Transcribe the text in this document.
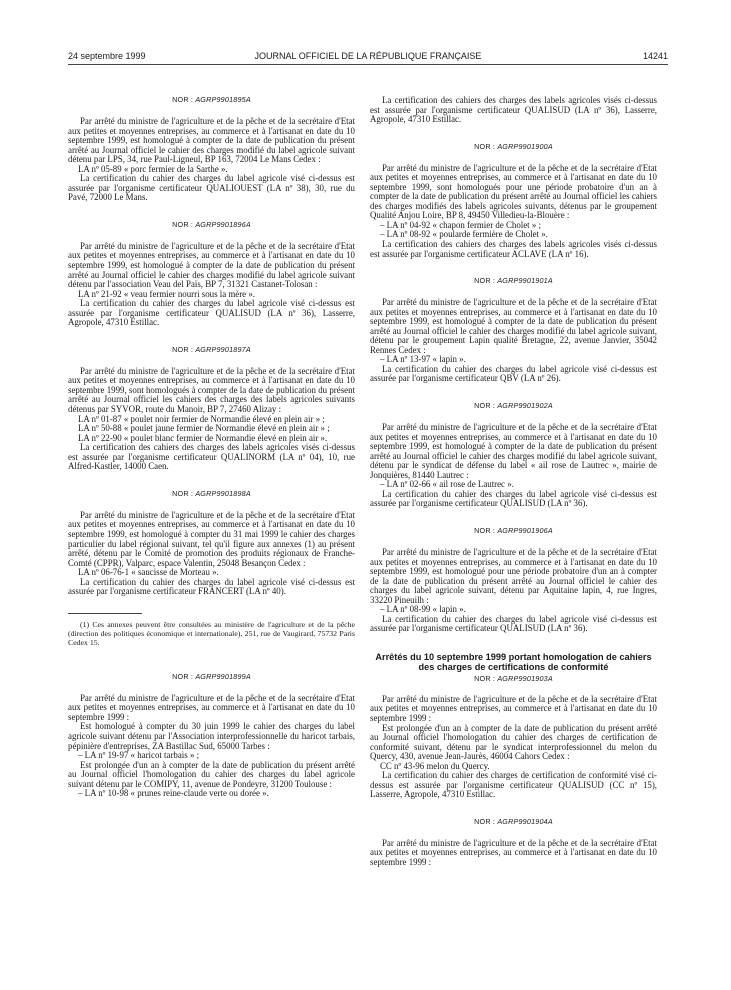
24 septembre 1999	JOURNAL OFFICIEL DE LA RÉPUBLIQUE FRANÇAISE	14241
NOR : AGRP9901895A

Par arrêté du ministre de l'agriculture et de la pêche et de la secrétaire d'Etat aux petites et moyennes entreprises, au commerce et à l'artisanat en date du 10 septembre 1999, est homologué à compter de la date de publication du présent arrêté au Journal officiel le cahier des charges modifié du label agricole suivant détenu par LPS, 34, rue Paul-Ligneul, BP 163, 72004 Le Mans Cedex :

LA nº 05-89 « porc fermier de la Sarthe ».

La certification du cahier des charges du label agricole visé ci-dessus est assurée par l'organisme certificateur QUALIOUEST (LA nº 38), 30, rue du Pavé, 72000 Le Mans.

NOR : AGRP9901896A

Par arrêté du ministre de l'agriculture et de la pêche et de la secrétaire d'Etat aux petites et moyennes entreprises, au commerce et à l'artisanat en date du 10 septembre 1999, est homologué à compter de la date de publication du présent arrêté au Journal officiel le cahier des charges modifié du label agricole suivant détenu par l'association Veau del Païs, BP 7, 31321 Castanet-Tolosan :

LA nº 21-92 « veau fermier nourri sous la mère ».

La certification du cahier des charges du label agricole visé ci-dessus est assurée par l'organisme certificateur QUALISUD (LA nº 36), Lasserre, Agropole, 47310 Estillac.

NOR : AGRP9901897A

Par arrêté du ministre de l'agriculture et de la pêche et de la secrétaire d'Etat aux petites et moyennes entreprises, au commerce et à l'artisanat en date du 10 septembre 1999, sont homologués à compter de la date de publication du présent arrêté au Journal officiel les cahiers des charges des labels agricoles suivants détenus par SYVOR, route du Manoir, BP 7, 27460 Alizay :

LA nº 01-87 « poulet noir fermier de Normandie élevé en plein air » ;

LA nº 50-88 « poulet jaune fermier de Normandie élevé en plein air » ;

LA nº 22-90 « poulet blanc fermier de Normandie élevé en plein air ».

La certification des cahiers des charges des labels agricoles visés ci-dessus est assurée par l'organisme certificateur QUALINORM (LA nº 04), 10, rue Alfred-Kastler, 14000 Caen.

NOR : AGRP9901898A

Par arrêté du ministre de l'agriculture et de la pêche et de la secrétaire d'Etat aux petites et moyennes entreprises, au commerce et à l'artisanat en date du 10 septembre 1999, est homologué à compter du 31 mai 1999 le cahier des charges particulier du label régional suivant, tel qu'il figure aux annexes (1) au présent arrêté, détenu par le Comité de promotion des produits régionaux de Franche-Comté (CPPR), Valparc, espace Valentin, 25048 Besançon Cedex :

LA nº 06-76-1 « saucisse de Morteau ».

La certification du cahier des charges du label agricole visé ci-dessus est assurée par l'organisme certificateur FRANCERT (LA nº 40).

(1) Ces annexes peuvent être consultées au ministère de l'agriculture et de la pêche (direction des politiques économique et internationale), 251, rue de Vaugirard, 75732 Paris Cedex 15.

NOR : AGRP9901899A

Par arrêté du ministre de l'agriculture et de la pêche et de la secrétaire d'Etat aux petites et moyennes entreprises, au commerce et à l'artisanat en date du 10 septembre 1999 :

Est homologué à compter du 30 juin 1999 le cahier des charges du label agricole suivant détenu par l'Association interprofessionnelle du haricot tarbais, pépinière d'entreprises, ZA Bastillac Sud, 65000 Tarbes :

– LA nº 19-97 « haricot tarbais » ;

Est prolongée d'un an à compter de la date de publication du présent arrêté au Journal officiel l'homologation du cahier des charges du label agricole suivant détenu par le COMIPY, 11, avenue de Pondeyre, 31200 Toulouse :

– LA nº 10-98 « prunes reine-claude verte ou dorée ».

La certification des cahiers des charges des labels agricoles visés ci-dessus est assurée par l'organisme certificateur QUALISUD (LA nº 36), Lasserre, Agropole, 47310 Estillac.

NOR : AGRP9901900A

Par arrêté du ministre de l'agriculture et de la pêche et de la secrétaire d'Etat aux petites et moyennes entreprises, au commerce et à l'artisanat en date du 10 septembre 1999, sont homologués pour une période probatoire d'un an à compter de la date de publication du présent arrêté au Journal officiel les cahiers des charges modifiés des labels agricoles suivants, détenus par le groupement Qualité Anjou Loire, BP 8, 49450 Villedieu-la-Blouère :

– LA nº 04-92 « chapon fermier de Cholet » ;

– LA nº 08-92 « poularde fermière de Cholet ».

La certification des cahiers des charges des labels agricoles visés ci-dessus est assurée par l'organisme certificateur ACLAVE (LA nº 16).

NOR : AGRP9901901A

Par arrêté du ministre de l'agriculture et de la pêche et de la secrétaire d'Etat aux petites et moyennes entreprises, au commerce et à l'artisanat en date du 10 septembre 1999, est homologué à compter de la date de publication du présent arrêté au Journal officiel le cahier des charges modifié du label agricole suivant, détenu par le groupement Lapin qualité Bretagne, 22, avenue Janvier, 35042 Rennes Cedex :

– LA nº 13-97 « lapin ».

La certification du cahier des charges du label agricole visé ci-dessus est assurée par l'organisme certificateur QBV (LA nº 26).

NOR : AGRP9901902A

Par arrêté du ministre de l'agriculture et de la pêche et de la secrétaire d'Etat aux petites et moyennes entreprises, au commerce et à l'artisanat en date du 10 septembre 1999, est homologué à compter de la date de publication du présent arrêté au Journal officiel le cahier des charges modifié du label agricole suivant, détenu par le syndicat de défense du label « ail rose de Lautrec », mairie de Jonquières, 81440 Lautrec :

– LA nº 02-66 « ail rose de Lautrec ».

La certification du cahier des charges du label agricole visé ci-dessus est assurée par l'organisme certificateur QUALISUD (LA nº 36).

NOR : AGRP9901906A

Par arrêté du ministre de l'agriculture et de la pêche et de la secrétaire d'Etat aux petites et moyennes entreprises, au commerce et à l'artisanat en date du 10 septembre 1999, est homologué pour une période probatoire d'un an à compter de la date de publication du présent arrêté au Journal officiel le cahier des charges du label agricole suivant, détenu par Aquitaine lapin, 4, rue Ingres, 33220 Pineuilh :

– LA nº 08-99 « lapin ».

La certification du cahier des charges du label agricole visé ci-dessus est assurée par l'organisme certificateur QUALISUD (LA nº 36).

Arrêtés du 10 septembre 1999 portant homologation de cahiers des charges de certifications de conformité
NOR : AGRP9901903A

Par arrêté du ministre de l'agriculture et de la pêche et de la secrétaire d'Etat aux petites et moyennes entreprises, au commerce et à l'artisanat en date du 10 septembre 1999 :

Est prolongée d'un an à compter de la date de publication du présent arrêté au Journal officiel l'homologation du cahier des charges de certification de conformité suivant, détenu par le syndicat interprofessionnel du melon du Quercy, 430, avenue Jean-Jaurès, 46004 Cahors Cedex :

CC nº 43-96 melon du Quercy.

La certification du cahier des charges de certification de conformité visé ci-dessus est assurée par l'organisme certificateur QUALISUD (CC nº 15), Lasserre, Agropole, 47310 Estillac.

NOR : AGRP9901904A

Par arrêté du ministre de l'agriculture et de la pêche et de la secrétaire d'Etat aux petites et moyennes entreprises, au commerce et à l'artisanat en date du 10 septembre 1999 :
